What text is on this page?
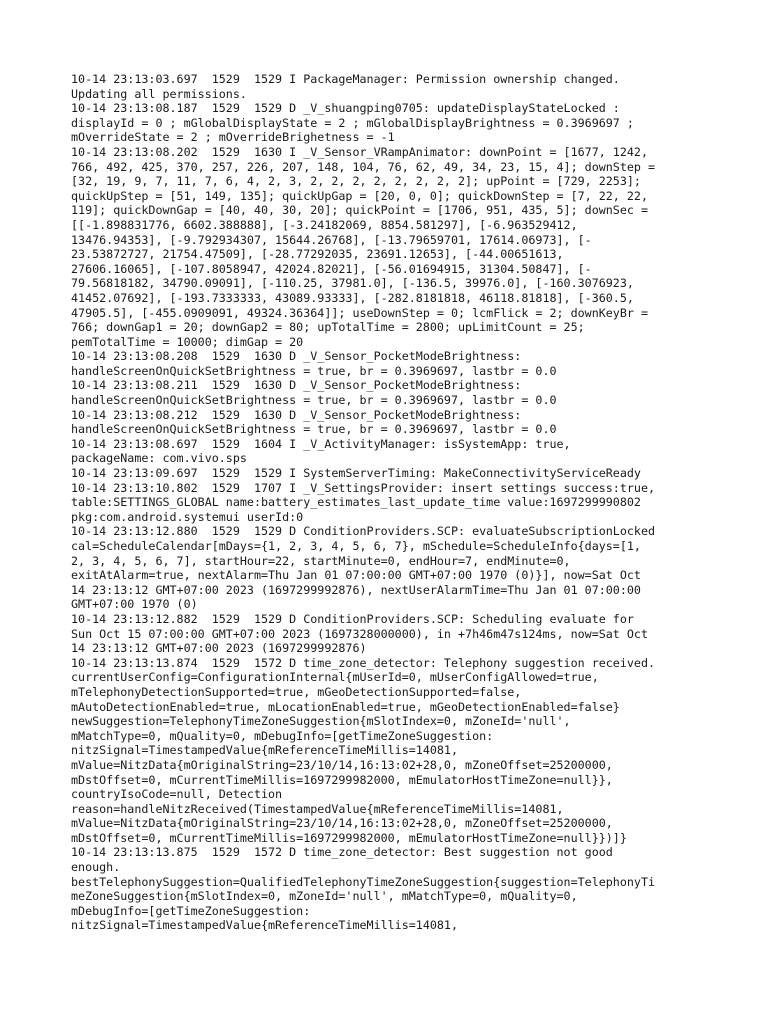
10-14 23:13:03.697  1529  1529 I PackageManager: Permission ownership changed.
Updating all permissions.
10-14 23:13:08.187  1529  1529 D _V_shuangping0705: updateDisplayStateLocked :
displayId = 0 ; mGlobalDisplayState = 2 ; mGlobalDisplayBrightness = 0.3969697 ;
mOverrideState = 2 ; mOverrideBrighetness = -1
10-14 23:13:08.202  1529  1630 I _V_Sensor_VRampAnimator: downPoint = [1677, 1242,
766, 492, 425, 370, 257, 226, 207, 148, 104, 76, 62, 49, 34, 23, 15, 4]; downStep =
[32, 19, 9, 7, 11, 7, 6, 4, 2, 3, 2, 2, 2, 2, 2, 2, 2, 2]; upPoint = [729, 2253];
quickUpStep = [51, 149, 135]; quickUpGap = [20, 0, 0]; quickDownStep = [7, 22, 22,
119]; quickDownGap = [40, 40, 30, 20]; quickPoint = [1706, 951, 435, 5]; downSec =
[[-1.898831776, 6602.388888], [-3.24182069, 8854.581297], [-6.963529412,
13476.94353], [-9.792934307, 15644.26768], [-13.79659701, 17614.06973], [-
23.53872727, 21754.47509], [-28.77292035, 23691.12653], [-44.00651613,
27606.16065], [-107.8058947, 42024.82021], [-56.01694915, 31304.50847], [-
79.56818182, 34790.09091], [-110.25, 37981.0], [-136.5, 39976.0], [-160.3076923,
41452.07692], [-193.7333333, 43089.93333], [-282.8181818, 46118.81818], [-360.5,
47905.5], [-455.0909091, 49324.36364]]; useDownStep = 0; lcmFlick = 2; downKeyBr =
766; downGap1 = 20; downGap2 = 80; upTotalTime = 2800; upLimitCount = 25;
pemTotalTime = 10000; dimGap = 20
10-14 23:13:08.208  1529  1630 D _V_Sensor_PocketModeBrightness:
handleScreenOnQuickSetBrightness = true, br = 0.3969697, lastbr = 0.0
10-14 23:13:08.211  1529  1630 D _V_Sensor_PocketModeBrightness:
handleScreenOnQuickSetBrightness = true, br = 0.3969697, lastbr = 0.0
10-14 23:13:08.212  1529  1630 D _V_Sensor_PocketModeBrightness:
handleScreenOnQuickSetBrightness = true, br = 0.3969697, lastbr = 0.0
10-14 23:13:08.697  1529  1604 I _V_ActivityManager: isSystemApp: true,
packageName: com.vivo.sps
10-14 23:13:09.697  1529  1529 I SystemServerTiming: MakeConnectivityServiceReady
10-14 23:13:10.802  1529  1707 I _V_SettingsProvider: insert settings success:true,
table:SETTINGS_GLOBAL name:battery_estimates_last_update_time value:1697299990802
pkg:com.android.systemui userId:0
10-14 23:13:12.880  1529  1529 D ConditionProviders.SCP: evaluateSubscriptionLocked
cal=ScheduleCalendar[mDays={1, 2, 3, 4, 5, 6, 7}, mSchedule=ScheduleInfo{days=[1,
2, 3, 4, 5, 6, 7], startHour=22, startMinute=0, endHour=7, endMinute=0,
exitAtAlarm=true, nextAlarm=Thu Jan 01 07:00:00 GMT+07:00 1970 (0)}], now=Sat Oct
14 23:13:12 GMT+07:00 2023 (1697299992876), nextUserAlarmTime=Thu Jan 01 07:00:00
GMT+07:00 1970 (0)
10-14 23:13:12.882  1529  1529 D ConditionProviders.SCP: Scheduling evaluate for
Sun Oct 15 07:00:00 GMT+07:00 2023 (1697328000000), in +7h46m47s124ms, now=Sat Oct
14 23:13:12 GMT+07:00 2023 (1697299992876)
10-14 23:13:13.874  1529  1572 D time_zone_detector: Telephony suggestion received.
currentUserConfig=ConfigurationInternal{mUserId=0, mUserConfigAllowed=true,
mTelephonyDetectionSupported=true, mGeoDetectionSupported=false,
mAutoDetectionEnabled=true, mLocationEnabled=true, mGeoDetectionEnabled=false}
newSuggestion=TelephonyTimeZoneSuggestion{mSlotIndex=0, mZoneId='null',
mMatchType=0, mQuality=0, mDebugInfo=[getTimeZoneSuggestion:
nitzSignal=TimestampedValue{mReferenceTimeMillis=14081,
mValue=NitzData{mOriginalString=23/10/14,16:13:02+28,0, mZoneOffset=25200000,
mDstOffset=0, mCurrentTimeMillis=1697299982000, mEmulatorHostTimeZone=null}},
countryIsoCode=null, Detection
reason=handleNitzReceived(TimestampedValue{mReferenceTimeMillis=14081,
mValue=NitzData{mOriginalString=23/10/14,16:13:02+28,0, mZoneOffset=25200000,
mDstOffset=0, mCurrentTimeMillis=1697299982000, mEmulatorHostTimeZone=null}})]}
10-14 23:13:13.875  1529  1572 D time_zone_detector: Best suggestion not good
enough.
bestTelephonySuggestion=QualifiedTelephonyTimeZoneSuggestion{suggestion=TelephonyTi
meZoneSuggestion{mSlotIndex=0, mZoneId='null', mMatchType=0, mQuality=0,
mDebugInfo=[getTimeZoneSuggestion:
nitzSignal=TimestampedValue{mReferenceTimeMillis=14081,
